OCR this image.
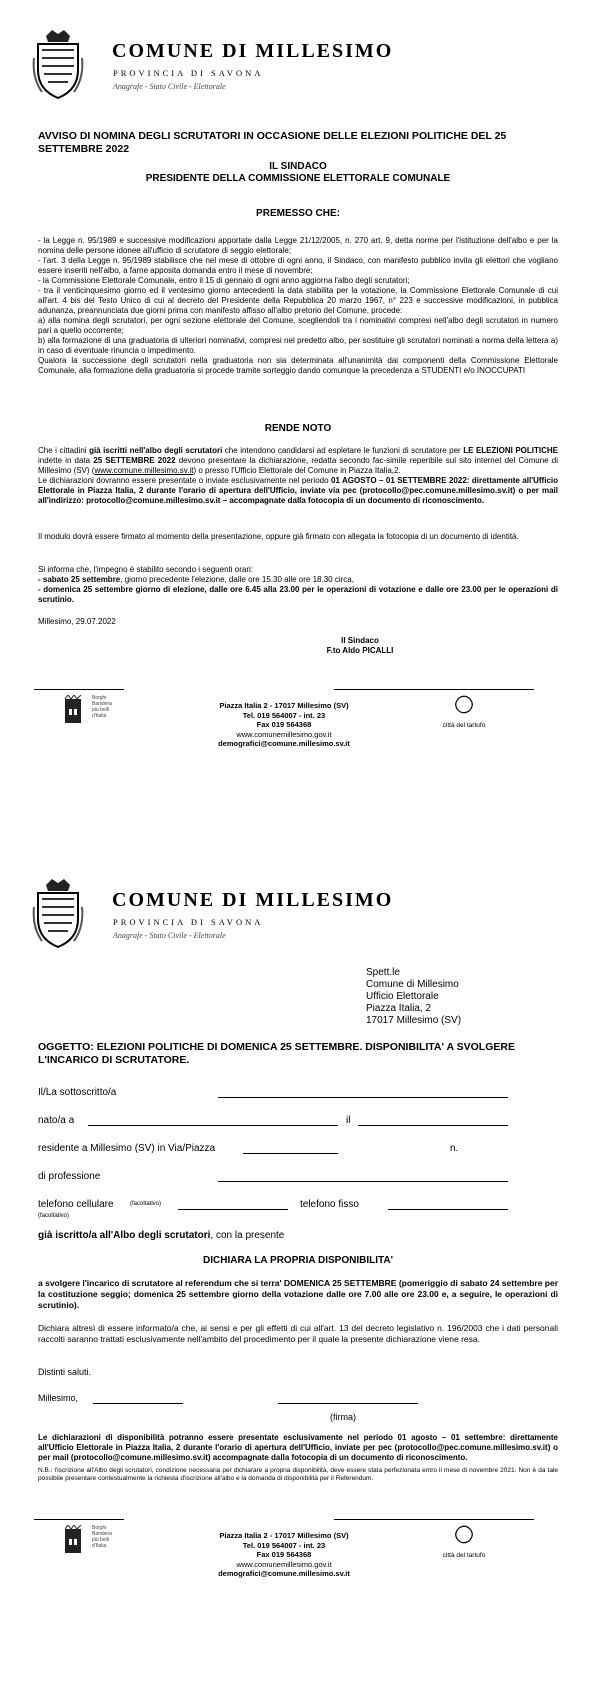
COMUNE DI MILLESIMO
PROVINCIA DI SAVONA
Anagrafe - Stato Civile - Elettorale
AVVISO DI NOMINA DEGLI SCRUTATORI IN OCCASIONE DELLE ELEZIONI POLITICHE DEL 25 SETTEMBRE 2022
IL SINDACO
PRESIDENTE DELLA COMMISSIONE ELETTORALE COMUNALE
PREMESSO CHE:
- la Legge n. 95/1989 e successive modificazioni apportate dalla Legge 21/12/2005, n. 270 art. 9, detta norme per l'istituzione dell'albo e per la nomina delle persone idonee all'ufficio di scrutatore di seggio elettorale;
- l'art. 3 della Legge n. 95/1989 stabilisce che nel mese di ottobre di ogni anno, il Sindaco, con manifesto pubblico invita gli elettori che vogliano essere inseriti nell'albo, a farne apposita domanda entro il mese di novembre;
- la Commissione Elettorale Comunale, entro il 15 di gennaio di ogni anno aggiorna l'albo degli scrutatori;
- tra il venticinquesimo giorno ed il ventesimo giorno antecedenti la data stabilita per la votazione, la Commissione Elettorale Comunale di cui all'art. 4 bis del Testo Unico di cui al decreto del Presidente della Repubblica 20 marzo 1967, n° 223 e successive modificazioni, in pubblica adunanza, preannunciata due giorni prima con manifesto affisso all'albo pretorio del Comune, procede:
a) alla nomina degli scrutatori, per ogni sezione elettorale del Comune, scegliendoli tra i nominativi compresi nell'albo degli scrutatori in numero pari a quello occorrente;
b) alla formazione di una graduatoria di ulteriori nominativi, compresi nel predetto albo, per sostituire gli scrutatori nominati a norma della lettera a) in caso di eventuale rinuncia o impedimento.
Qualora la successione degli scrutatori nella graduatoria non sia determinata all'unanimità dai componenti della Commissione Elettorale Comunale, alla formazione della graduatoria si procede tramite sorteggio dando comunque la precedenza a STUDENTI e/o INOCCUPATI
RENDE NOTO
Che i cittadini già iscritti nell'albo degli scrutatori che intendono candidarsi ad espletare le funzioni di scrutatore per LE ELEZIONI POLITICHE indette in data 25 SETTEMBRE 2022 devono presentare la dichiarazione, redatta secondo fac-simile reperibile sul sito internet del Comune di Millesimo (SV) (www.comune.millesimo.sv.it) o presso l'Ufficio Elettorale del Comune in Piazza Italia,2.
Le dichiarazioni dovranno essere presentate o inviate esclusivamente nel periodo 01 AGOSTO – 01 SETTEMBRE 2022: direttamente all'Ufficio Elettorale in Piazza Italia, 2 durante l'orario di apertura dell'Ufficio, inviate via pec (protocollo@pec.comune.millesimo.sv.it) o per mail all'indirizzo: protocollo@comune.millesimo.sv.it – accompagnate dalla fotocopia di un documento di riconoscimento.
Il modulo dovrà essere firmato al momento della presentazione, oppure già firmato con allegata la fotocopia di un documento di identità.
Si informa che, l'impegno è stabilito secondo i seguenti orari:
- sabato 25 settembre, giorno precedente l'elezione, dalle ore 15.30 alle ore 18.30 circa,
- domenica 25 settembre giorno di elezione, dalle ore 6.45 alla 23.00 per le operazioni di votazione e dalle ore 23.00 per le operazioni di scrutinio.
Millesimo, 29.07.2022
Il Sindaco
F.to Aldo PICALLI
Borghi
Bandiera
più belli
d'Italia
Piazza Italia 2 - 17017 Millesimo (SV)
Tel. 019 564007 - int. 23
Fax 019 564368
www.comunemillesimo.gov.it
demografici@comune.millesimo.sv.it
città del tartufo
COMUNE DI MILLESIMO
PROVINCIA DI SAVONA
Anagrafe - Stato Civile - Elettorale
Spett.le
Comune di Millesimo
Ufficio Elettorale
Piazza Italia, 2
17017 Millesimo (SV)
OGGETTO: ELEZIONI POLITICHE DI DOMENICA 25 SETTEMBRE. DISPONIBILITA' A SVOLGERE L'INCARICO DI SCRUTATORE.
Il/La sottoscritto/a
nato/a a	il
residente a Millesimo (SV) in Via/Piazza	n.
di professione
telefono cellulare	(facoltativo)	telefono fisso
(facoltativo)
già iscritto/a all'Albo degli scrutatori, con la presente
DICHIARA LA PROPRIA DISPONIBILITA'
a svolgere l'incarico di scrutatore al referendum che si terra' DOMENICA 25 SETTEMBRE (pomeriggio di sabato 24 settembre per la costituzione seggio; domenica 25 settembre giorno della votazione dalle ore 7.00 alle ore 23.00 e, a seguire, le operazioni di scrutinio).
Dichiara altresì di essere informato/a che, ai sensi e per gli effetti di cui all'art. 13 del decreto legislativo n. 196/2003 che i dati personali raccolti saranno trattati esclusivamente nell'ambito del procedimento per il quale la presente dichiarazione viene resa.
Distinti saluti.
Millesimo,
(firma)
Le dichiarazioni di disponibilità potranno essere presentate esclusivamente nel periodo 01 agosto – 01 settembre: direttamente all'Ufficio Elettorale in Piazza Italia, 2 durante l'orario di apertura dell'Ufficio, inviate per pec (protocollo@pec.comune.millesimo.sv.it) o per mail (protocollo@comune.millesimo.sv.it) accompagnate dalla fotocopia di un documento di riconoscimento.
N.B.: l'iscrizione all'Albo degli scrutatori, condizione necessaria per dichiarare a propria disponibilità, deve essere stata perfezionata entro il mese di novembre 2021. Non è da tale possibile presentare contestualmente la richiesta d'iscrizione all'albo e la domanda di disponibilità per il Referendum.
Borghi
Bandiera
più belli
d'Italia
Piazza Italia 2 - 17017 Millesimo (SV)
Tel. 019 564007 - int. 23
Fax 019 564368
www.comunemillesimo.gov.it
demografici@comune.millesimo.sv.it
città del tartufo
